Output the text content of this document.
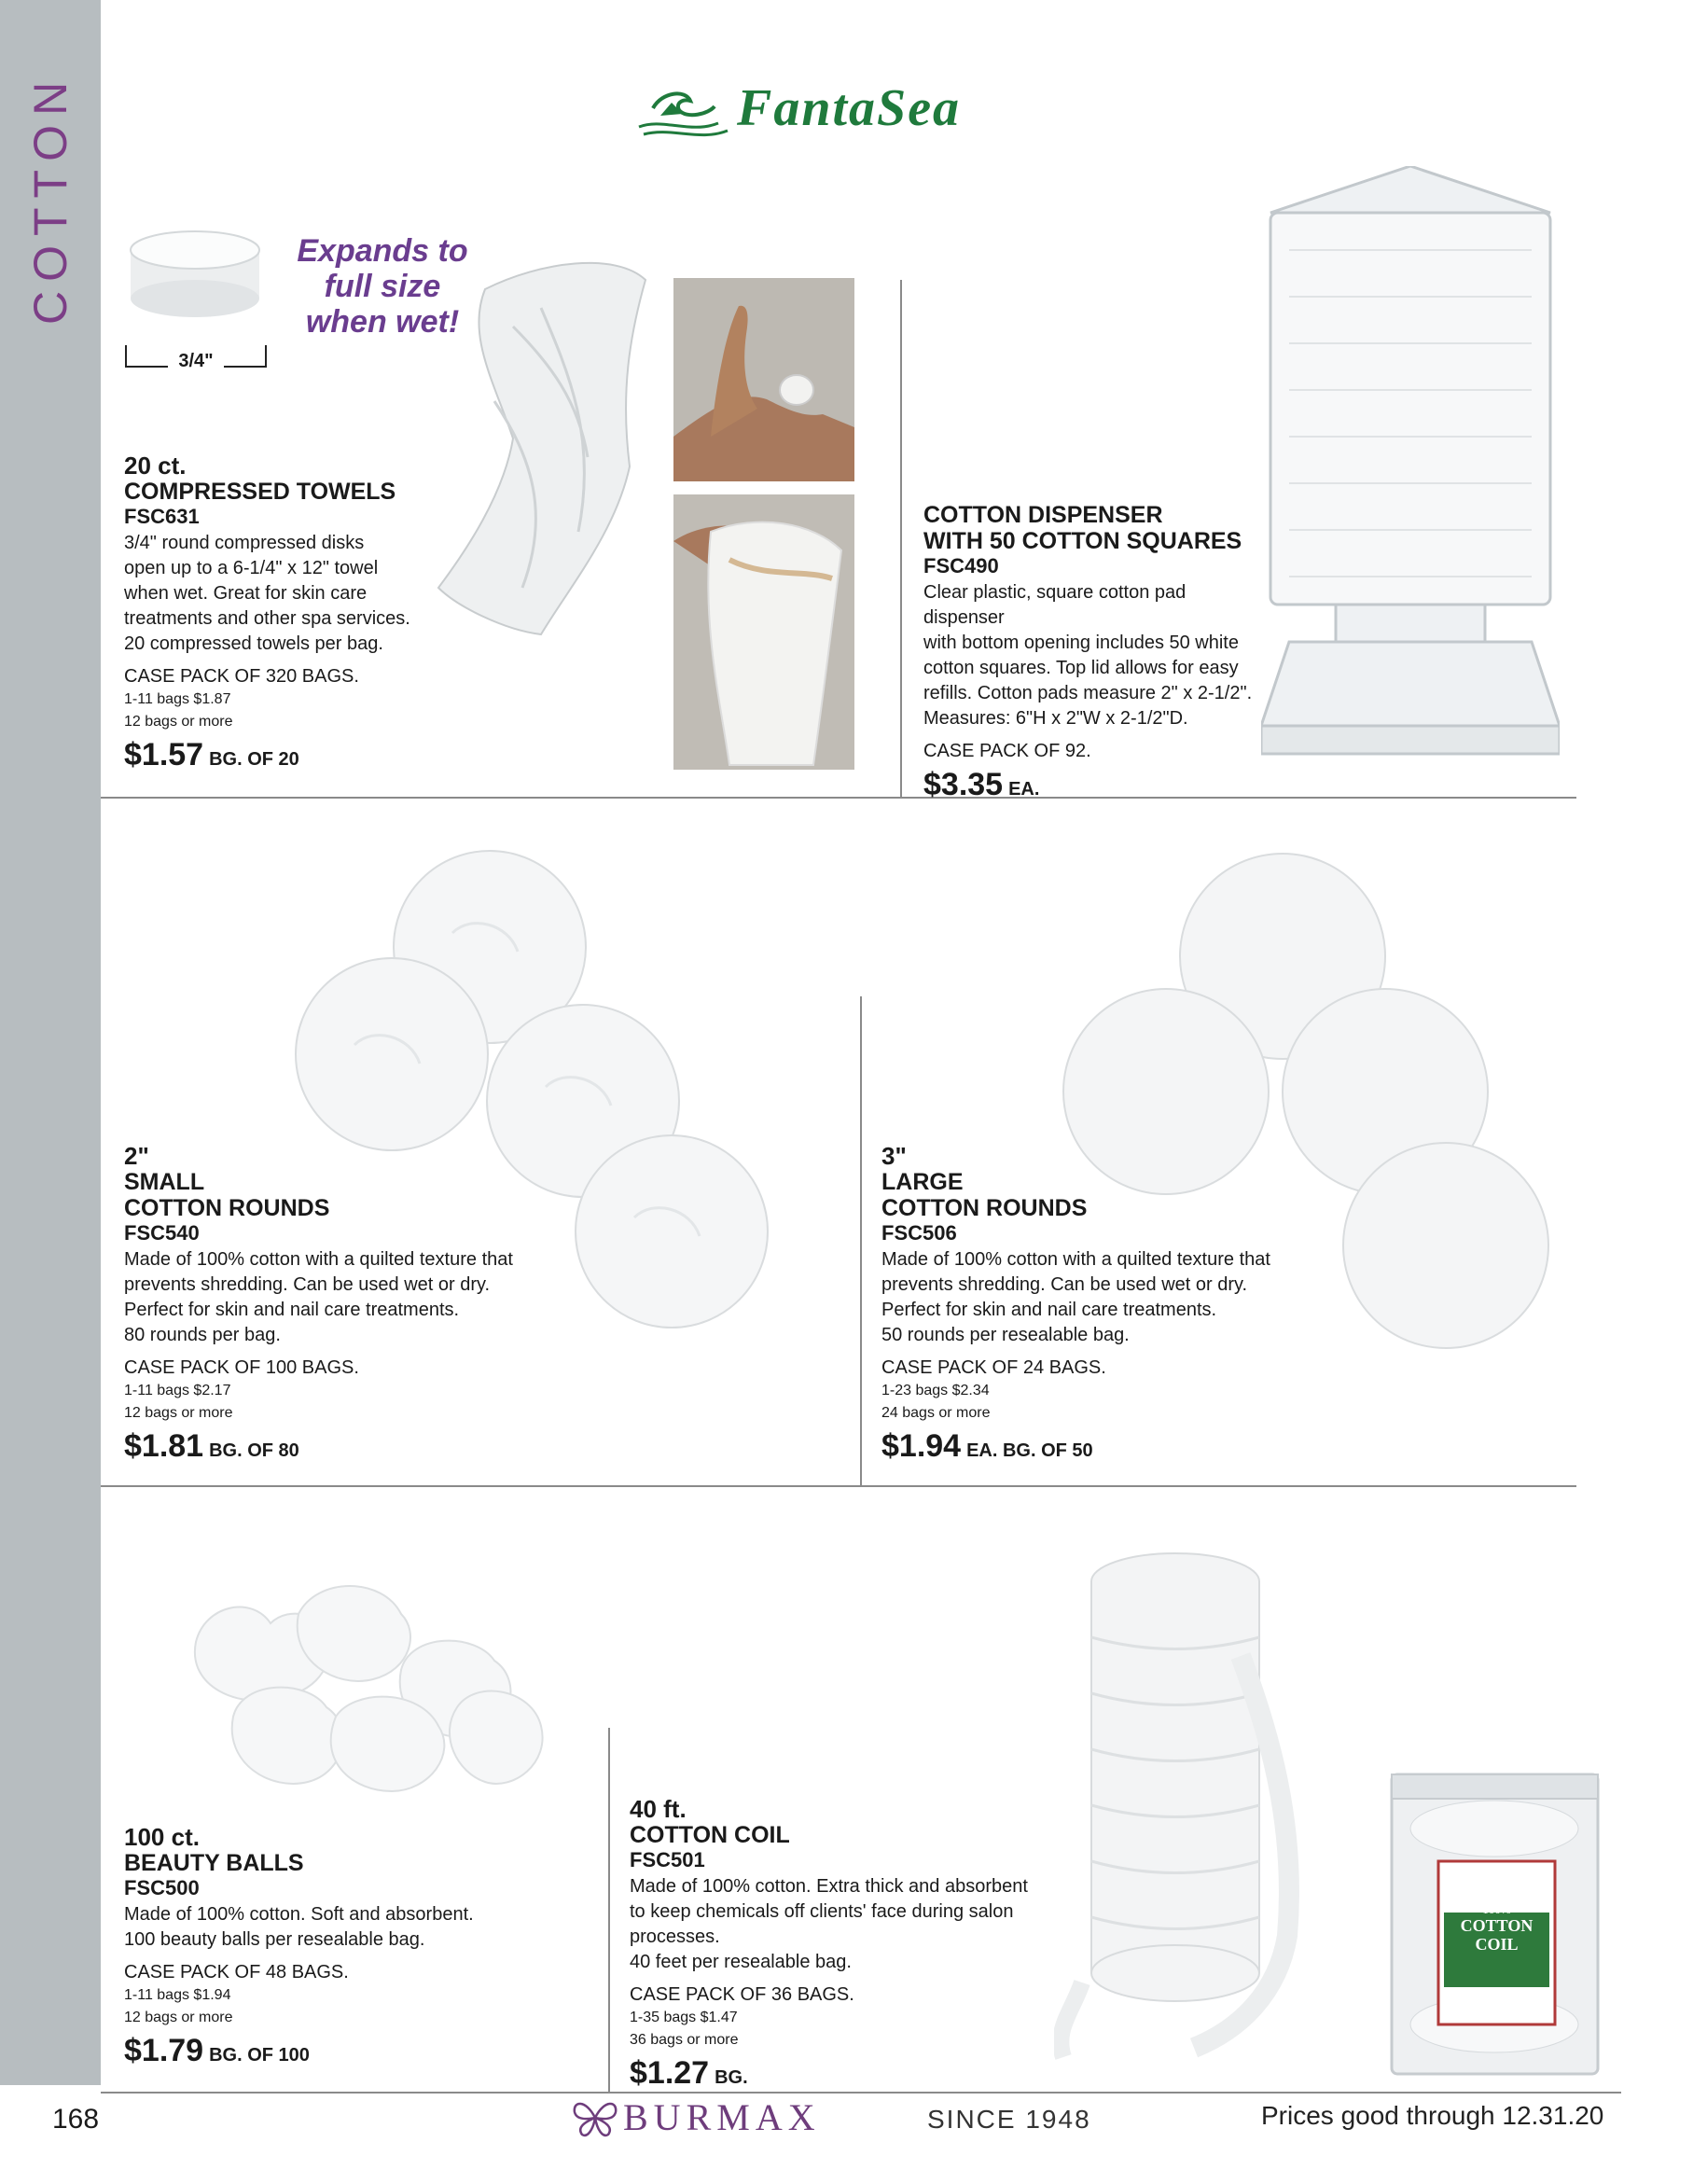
COTTON	FantaSea
3/4"
Expands to
full size
when wet!
20 ct.
COMPRESSED TOWELS
FSC631
3/4" round compressed disks
open up to a 6-1/4" x 12" towel
when wet. Great for skin care
treatments and other spa services.
20 compressed towels per bag.
CASE PACK OF 320 BAGS.
1-11 bags $1.87
12 bags or more
$1.57 BG. OF 20
COTTON DISPENSER
WITH 50 COTTON SQUARES
FSC490
Clear plastic, square cotton pad dispenser
with bottom opening includes 50 white
cotton squares. Top lid allows for easy
refills. Cotton pads measure 2" x 2-1/2".
Measures: 6"H x 2"W x 2-1/2"D.
CASE PACK OF 92.
$3.35 EA.
2"
SMALL
COTTON ROUNDS
FSC540
Made of 100% cotton with a quilted texture that
prevents shredding. Can be used wet or dry.
Perfect for skin and nail care treatments.
80 rounds per bag.
CASE PACK OF 100 BAGS.
1-11 bags $2.17
12 bags or more
$1.81 BG. OF 80
3"
LARGE
COTTON ROUNDS
FSC506
Made of 100% cotton with a quilted texture that
prevents shredding. Can be used wet or dry.
Perfect for skin and nail care treatments.
50 rounds per resealable bag.
CASE PACK OF 24 BAGS.
1-23 bags $2.34
24 bags or more
$1.94 EA. BG. OF 50
100%
COTTON
COIL
100 ct.
BEAUTY BALLS
FSC500
Made of 100% cotton. Soft and absorbent.
100 beauty balls per resealable bag.
CASE PACK OF 48 BAGS.
1-11 bags $1.94
12 bags or more
$1.79 BG. OF 100
40 ft.
COTTON COIL
FSC501
Made of 100% cotton. Extra thick and absorbent
to keep chemicals off clients' face during salon processes.
40 feet per resealable bag.
CASE PACK OF 36 BAGS.
1-35 bags $1.47
36 bags or more
$1.27 BG.
168	BURMAX	SINCE 1948	Prices good through 12.31.20
